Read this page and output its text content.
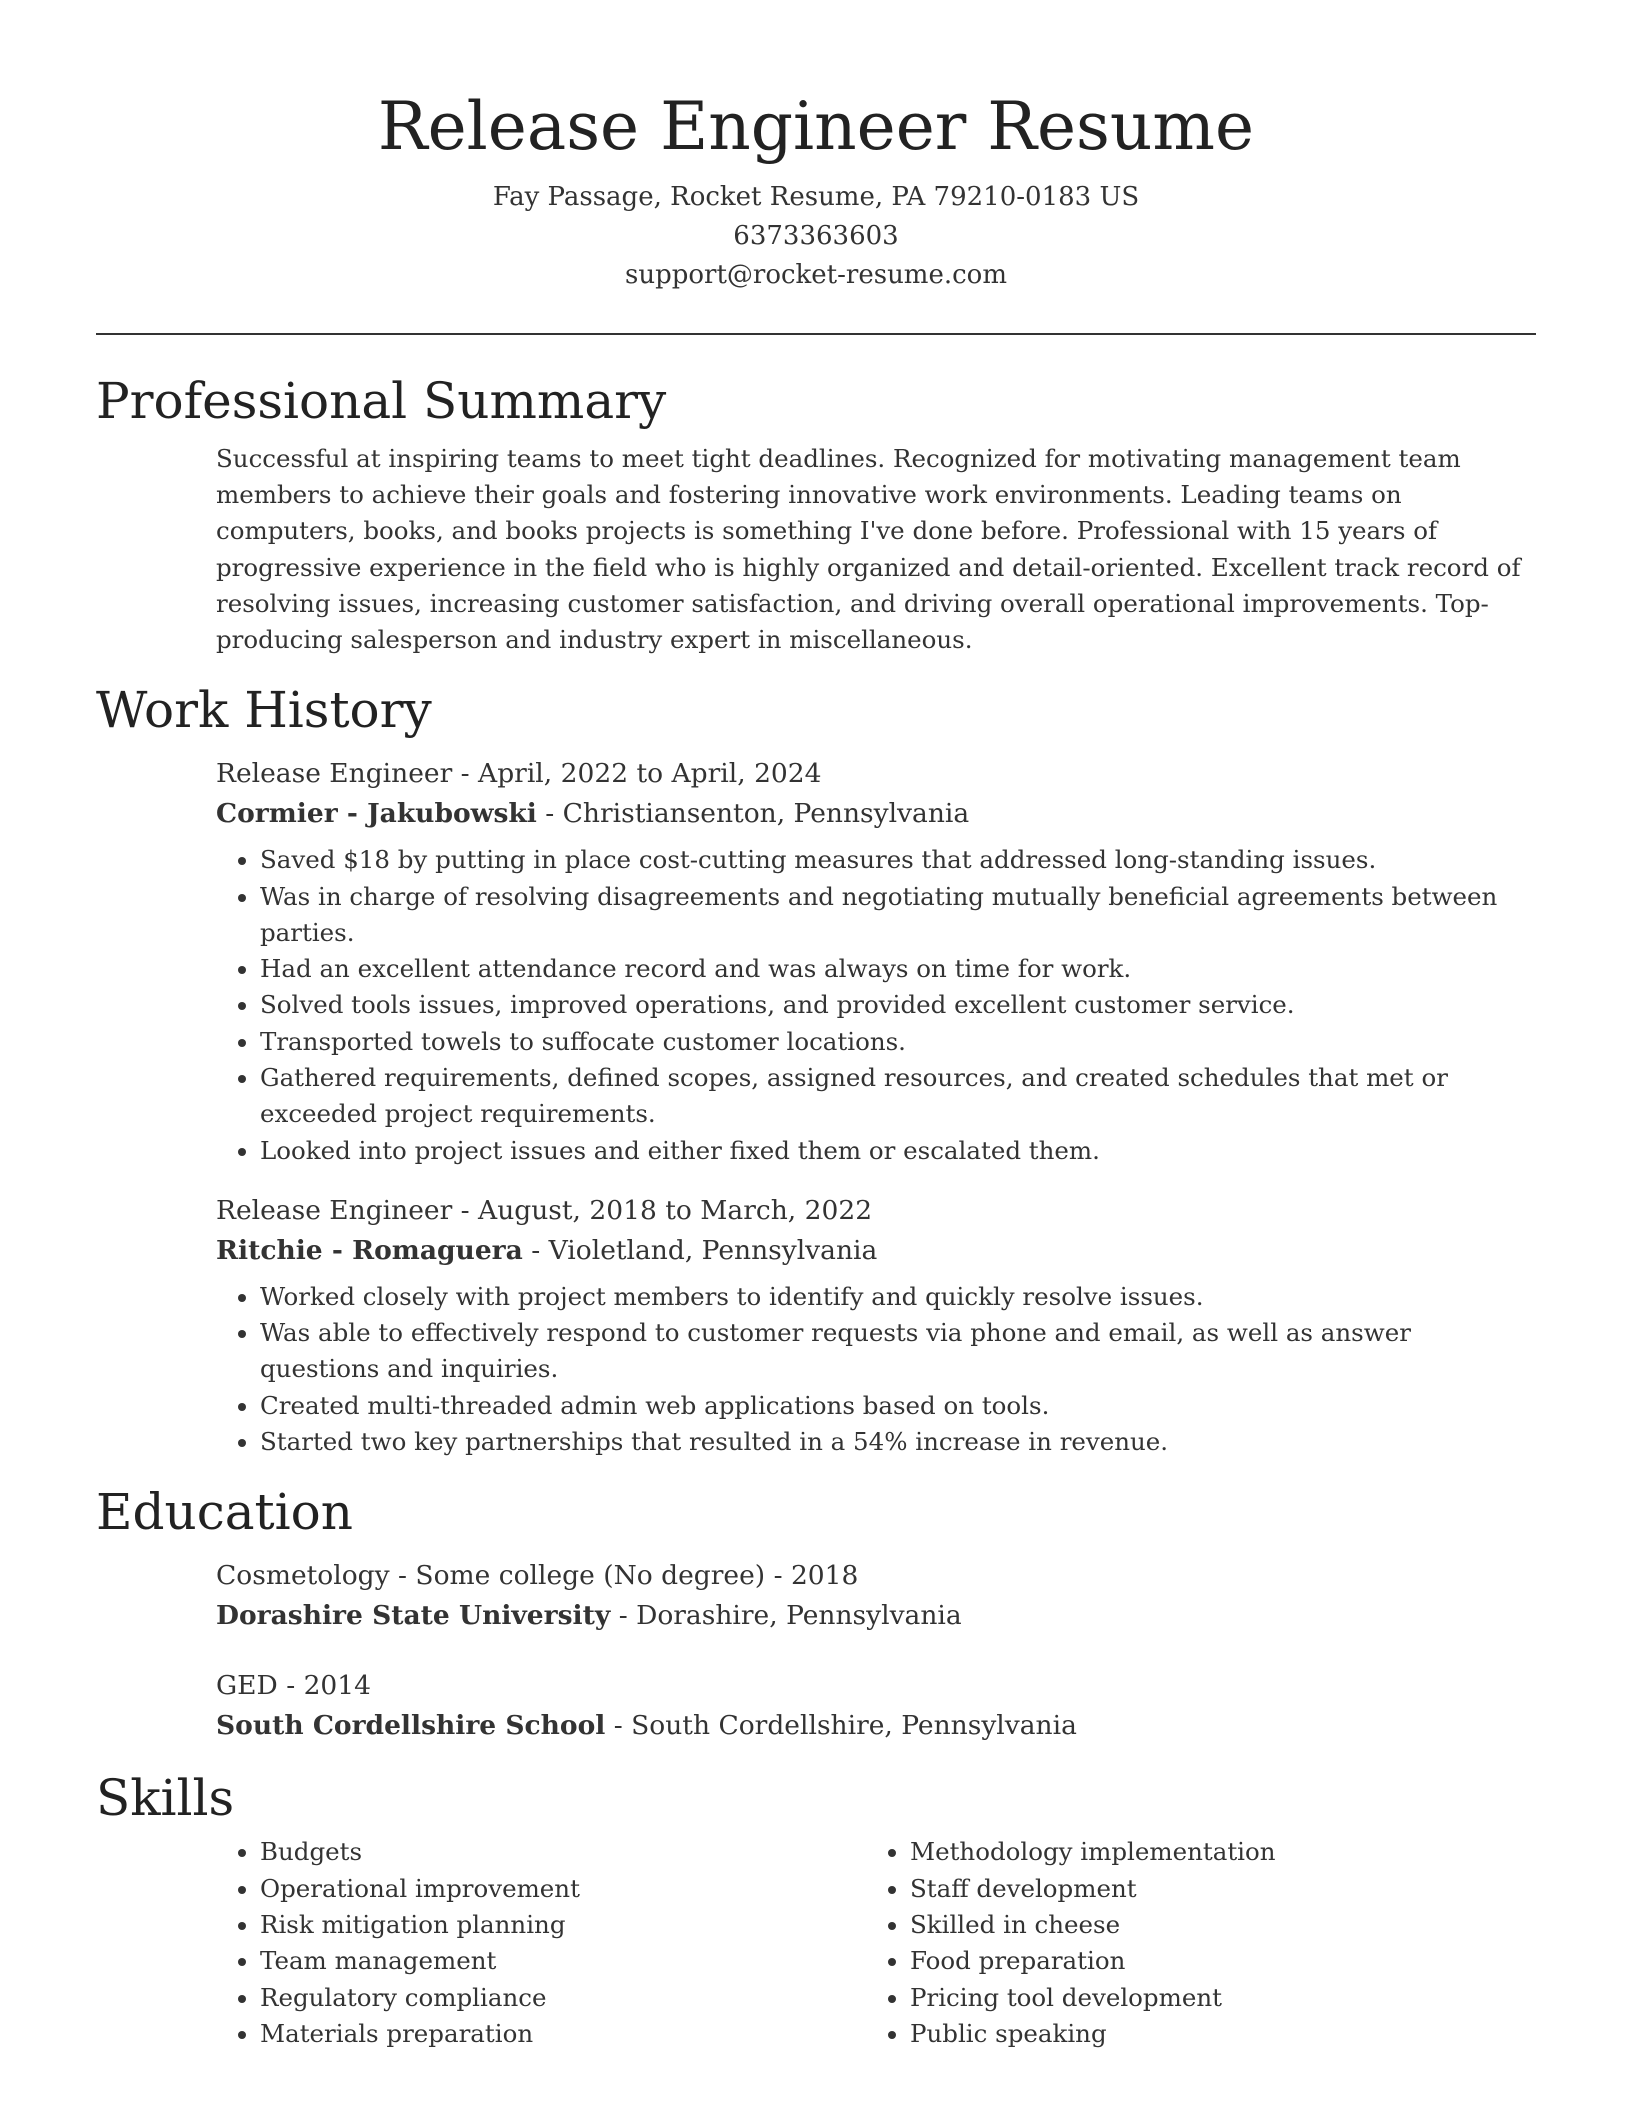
Release Engineer Resume

Fay Passage, Rocket Resume, PA 79210-0183 US

6373363603

support@rocket-resume.com

Professional Summary

Successful at inspiring teams to meet tight deadlines. Recognized for motivating management team members to achieve their goals and fostering innovative work environments. Leading teams on computers, books, and books projects is something I've done before. Professional with 15 years of progressive experience in the field who is highly organized and detail-oriented. Excellent track record of resolving issues, increasing customer satisfaction, and driving overall operational improvements. Top-producing salesperson and industry expert in miscellaneous.

Work History

Release Engineer - April, 2022 to April, 2024

Cormier - Jakubowski - Christiansenton, Pennsylvania

• Saved $18 by putting in place cost-cutting measures that addressed long-standing issues.
• Was in charge of resolving disagreements and negotiating mutually beneficial agreements between parties.
• Had an excellent attendance record and was always on time for work.
• Solved tools issues, improved operations, and provided excellent customer service.
• Transported towels to suffocate customer locations.
• Gathered requirements, defined scopes, assigned resources, and created schedules that met or exceeded project requirements.
• Looked into project issues and either fixed them or escalated them.

Release Engineer - August, 2018 to March, 2022

Ritchie - Romaguera - Violetland, Pennsylvania

• Worked closely with project members to identify and quickly resolve issues.
• Was able to effectively respond to customer requests via phone and email, as well as answer questions and inquiries.
• Created multi-threaded admin web applications based on tools.
• Started two key partnerships that resulted in a 54% increase in revenue.
Education

Cosmetology - Some college (No degree) - 2018

Dorashire State University - Dorashire, Pennsylvania

GED - 2014

South Cordellshire School - South Cordellshire, Pennsylvania

Skills
• Budgets
• Operational improvement
• Risk mitigation planning
• Team management
• Regulatory compliance
• Materials preparation
• Methodology implementation
• Staff development
• Skilled in cheese
• Food preparation
• Pricing tool development
• Public speaking
